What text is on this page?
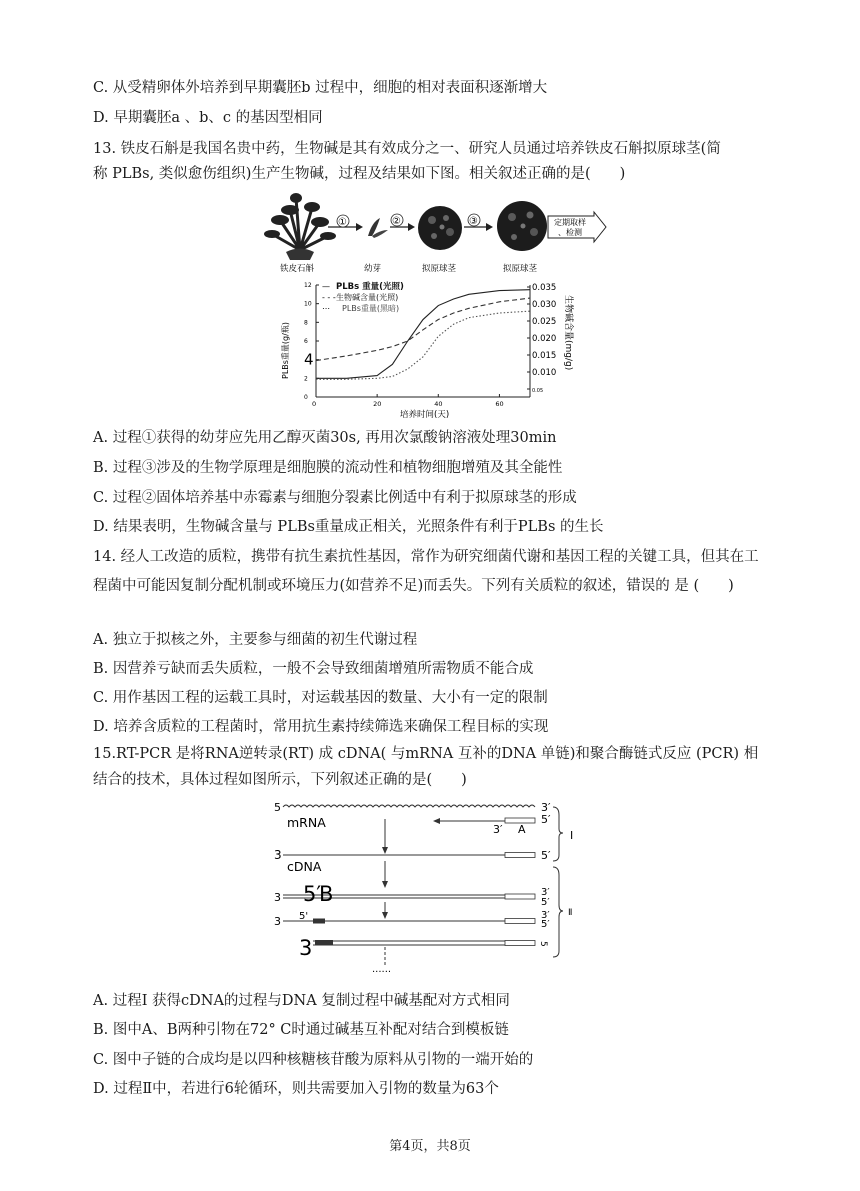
C. 从受精卵体外培养到早期囊胚b 过程中，细胞的相对表面积逐渐增大
D. 早期囊胚a 、b、c 的基因型相同
13. 铁皮石斛是我国名贵中药，生物碱是其有效成分之一、研究人员通过培养铁皮石斛拟原球茎(简
称 PLBs, 类似愈伤组织)生产生物碱，过程及结果如下图。相关叙述正确的是(　　)
铁皮石斛
①
幼芽
②
拟原球茎
③
拟原球茎
定期取样
、检测
PLBs重量(g/瓶)	生物碱含量(mg/g)
培养时间(天)
0	20	40	60
12
10
8
6
4
2
0
0.035
0.030
0.025
0.020
0.015
0.010
0.05
— PLBs 重量(光照)
- - - 生物碱含量(光照)
⋯ PLBs重量(黑暗)
A. 过程①获得的幼芽应先用乙醇灭菌30s, 再用次氯酸钠溶液处理30min
B. 过程③涉及的生物学原理是细胞膜的流动性和植物细胞增殖及其全能性
C. 过程②固体培养基中赤霉素与细胞分裂素比例适中有利于拟原球茎的形成
D. 结果表明，生物碱含量与 PLBs重量成正相关，光照条件有利于PLBs 的生长
14. 经人工改造的质粒，携带有抗生素抗性基因，常作为研究细菌代谢和基因工程的关键工具，但其在工程菌中可能因复制分配机制或环境压力(如营养不足)而丢失。下列有关质粒的叙述，错误的 是 (　　)
A. 独立于拟核之外，主要参与细菌的初生代谢过程
B. 因营养亏缺而丢失质粒，一般不会导致细菌增殖所需物质不能合成
C. 用作基因工程的运载工具时，对运载基因的数量、大小有一定的限制
D. 培养含质粒的工程菌时，常用抗生素持续筛选来确保工程目标的实现
15.RT-PCR 是将RNA逆转录(RT) 成 cDNA( 与mRNA 互补的DNA 单链)和聚合酶链式反应 (PCR) 相
结合的技术，具体过程如图所示，下列叙述正确的是(　　)
5	3′
mRNA	3′ A
5′
3	5′
cDNA
3 5′
B	3′
5′
3 5'	3′
5′
3	5
......
Ⅰ
Ⅱ
A. 过程Ⅰ 获得cDNA的过程与DNA 复制过程中碱基配对方式相同
B. 图中A、B两种引物在72° C时通过碱基互补配对结合到模板链
C. 图中子链的合成均是以四种核糖核苷酸为原料从引物的一端开始的
D. 过程Ⅱ中，若进行6轮循环，则共需要加入引物的数量为63个
第4页，共8页
